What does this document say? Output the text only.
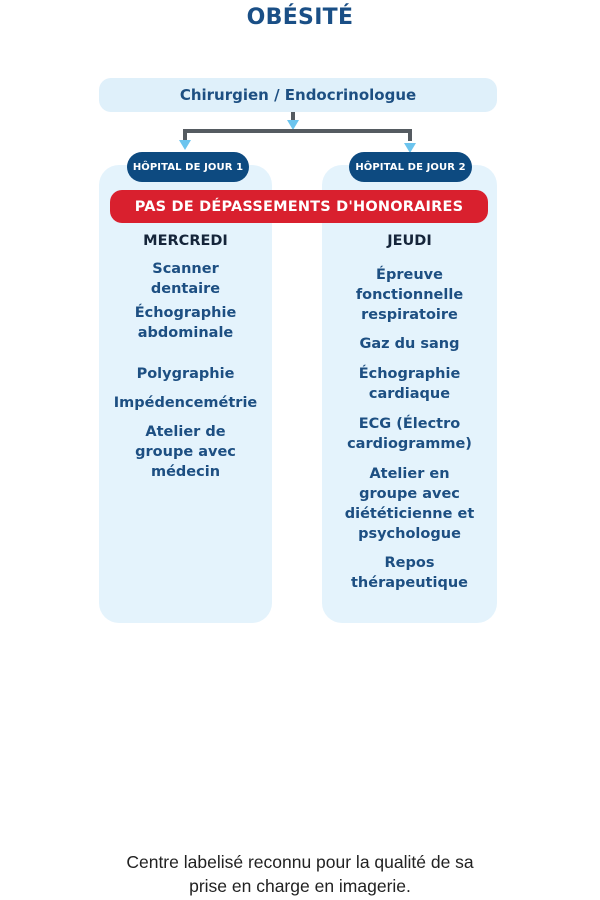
OBÉSITÉ
Chirurgien / Endocrinologue
HÔPITAL DE JOUR 1	HÔPITAL DE JOUR 2
PAS DE DÉPASSEMENTS D'HONORAIRES
MERCREDI	JEUDI
Scanner
dentaire
Échographie
abdominale
Polygraphie
Impédencemétrie
Atelier de
groupe avec
médecin
Épreuve
fonctionnelle
respiratoire
Gaz du sang
Échographie
cardiaque
ECG (Électro
cardiogramme)
Atelier en
groupe avec
diététicienne et
psychologue
Repos
thérapeutique
Centre labelisé reconnu pour la qualité de sa
prise en charge en imagerie.
